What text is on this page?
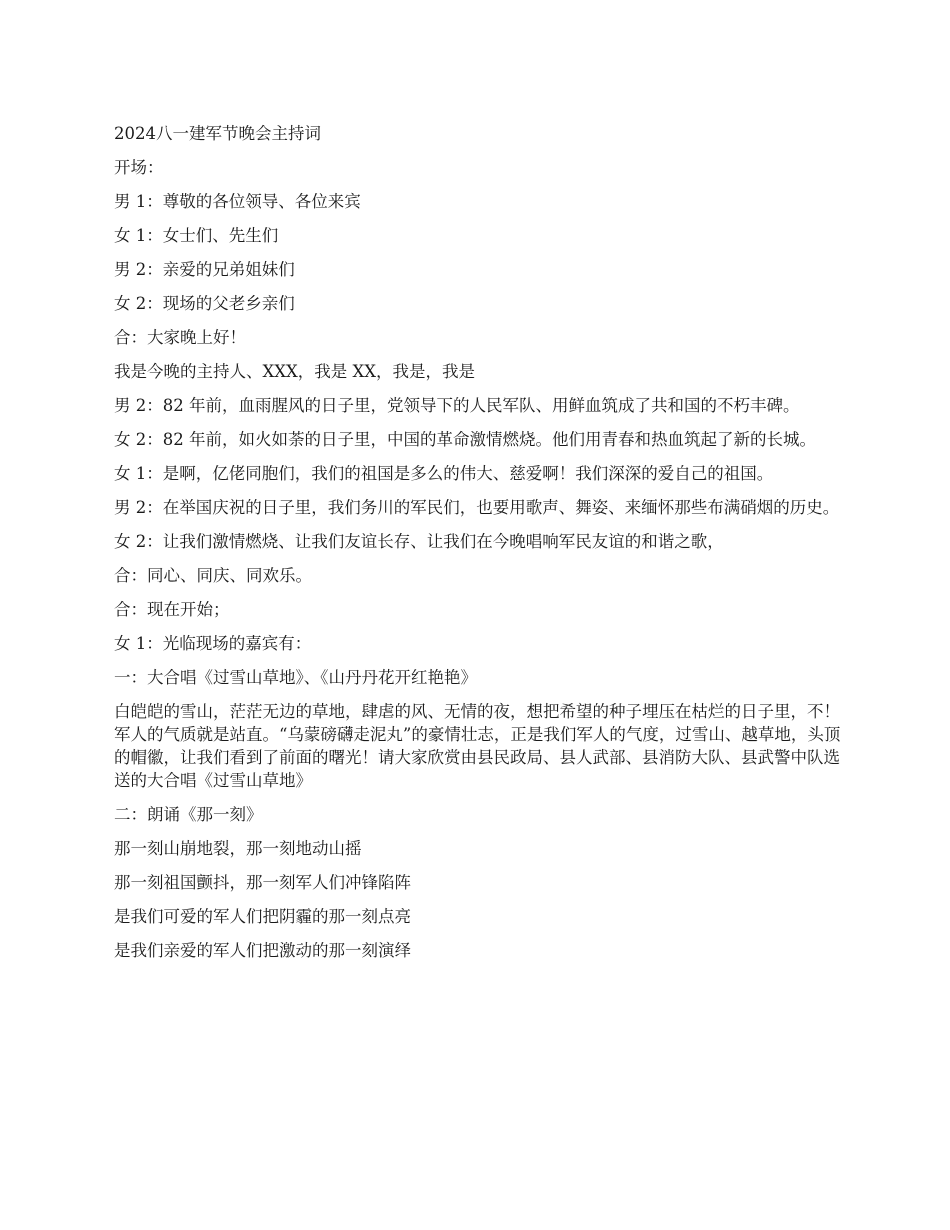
2024八一建军节晚会主持词

开场：

男 1：尊敬的各位领导、各位来宾

女 1：女士们、先生们

男 2：亲爱的兄弟姐妹们

女 2：现场的父老乡亲们

合：大家晚上好！

我是今晚的主持人、XXX，我是 XX，我是，我是

男 2：82 年前，血雨腥风的日子里，党领导下的人民军队、用鲜血筑成了共和国的不朽丰碑。

女 2：82 年前，如火如荼的日子里，中国的革命激情燃烧。他们用青春和热血筑起了新的长城。

女 1：是啊，亿佬同胞们，我们的祖国是多么的伟大、慈爱啊！我们深深的爱自己的祖国。

男 2：在举国庆祝的日子里，我们务川的军民们，也要用歌声、舞姿、来缅怀那些布满硝烟的历史。

女 2：让我们激情燃烧、让我们友谊长存、让我们在今晚唱响军民友谊的和谐之歌，

合：同心、同庆、同欢乐。

合：现在开始；

女 1：光临现场的嘉宾有：

一：大合唱《过雪山草地》、《山丹丹花开红艳艳》

白皑皑的雪山，茫茫无边的草地，肆虐的风、无情的夜，想把希望的种子埋压在枯烂的日子里，不！军人的气质就是站直。“乌蒙磅礴走泥丸”的豪情壮志，正是我们军人的气度，过雪山、越草地，头顶的帽徽，让我们看到了前面的曙光！请大家欣赏由县民政局、县人武部、县消防大队、县武警中队选送的大合唱《过雪山草地》

二：朗诵《那一刻》

那一刻山崩地裂，那一刻地动山摇

那一刻祖国颤抖，那一刻军人们冲锋陷阵

是我们可爱的军人们把阴霾的那一刻点亮

是我们亲爱的军人们把激动的那一刻演绎
